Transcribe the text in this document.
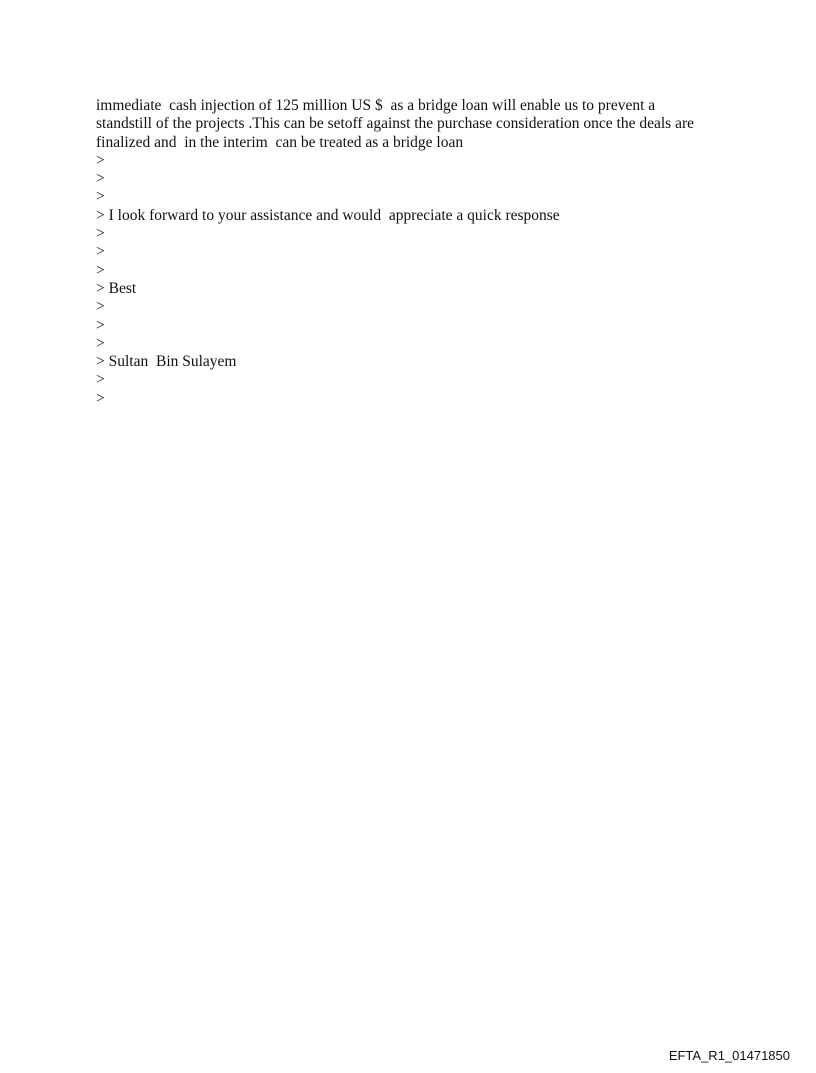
immediate  cash injection of 125 million US $  as a bridge loan will enable us to prevent a

standstill of the projects .This can be setoff against the purchase consideration once the deals are

finalized and  in the interim  can be treated as a bridge loan

>

>

>

> I look forward to your assistance and would  appreciate a quick response

>

>

>

> Best

>

>

>

> Sultan  Bin Sulayem

>

>

EFTA_R1_01471850
